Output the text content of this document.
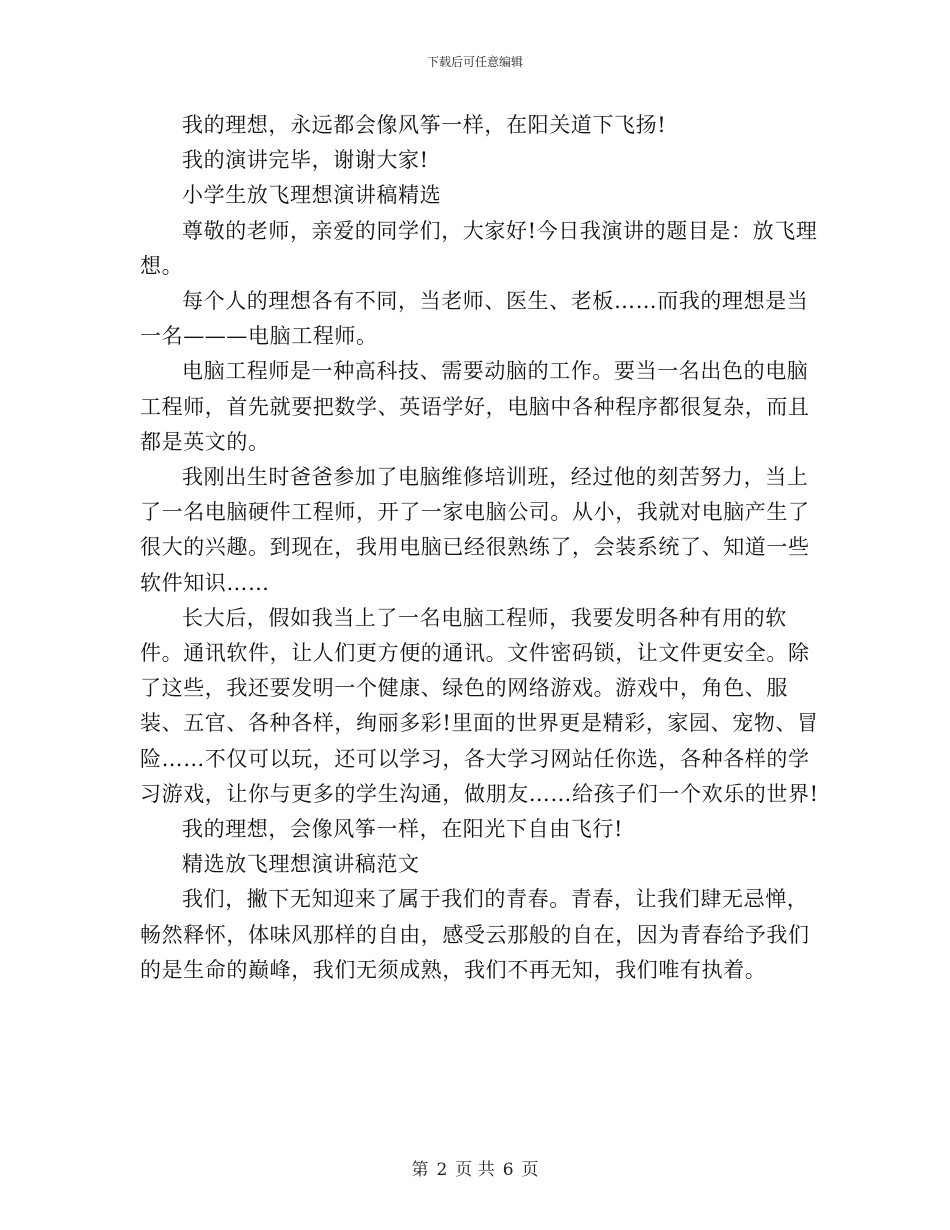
下载后可任意编辑

我的理想，永远都会像风筝一样，在阳关道下飞扬!

我的演讲完毕，谢谢大家!

小学生放飞理想演讲稿精选

尊敬的老师，亲爱的同学们，大家好!今日我演讲的题目是：放飞理想。

每个人的理想各有不同，当老师、医生、老板……而我的理想是当一名———电脑工程师。

电脑工程师是一种高科技、需要动脑的工作。要当一名出色的电脑工程师，首先就要把数学、英语学好，电脑中各种程序都很复杂，而且都是英文的。

我刚出生时爸爸参加了电脑维修培训班，经过他的刻苦努力，当上了一名电脑硬件工程师，开了一家电脑公司。从小，我就对电脑产生了很大的兴趣。到现在，我用电脑已经很熟练了，会装系统了、知道一些软件知识……

长大后，假如我当上了一名电脑工程师，我要发明各种有用的软件。通讯软件，让人们更方便的通讯。文件密码锁，让文件更安全。除了这些，我还要发明一个健康、绿色的网络游戏。游戏中，角色、服装、五官、各种各样，绚丽多彩!里面的世界更是精彩，家园、宠物、冒险……不仅可以玩，还可以学习，各大学习网站任你选，各种各样的学习游戏，让你与更多的学生沟通，做朋友……给孩子们一个欢乐的世界!

我的理想，会像风筝一样，在阳光下自由飞行!

精选放飞理想演讲稿范文

我们，撇下无知迎来了属于我们的青春。青春，让我们肆无忌惮，畅然释怀，体味风那样的自由，感受云那般的自在，因为青春给予我们的是生命的巅峰，我们无须成熟，我们不再无知，我们唯有执着。

第 2 页 共 6 页
